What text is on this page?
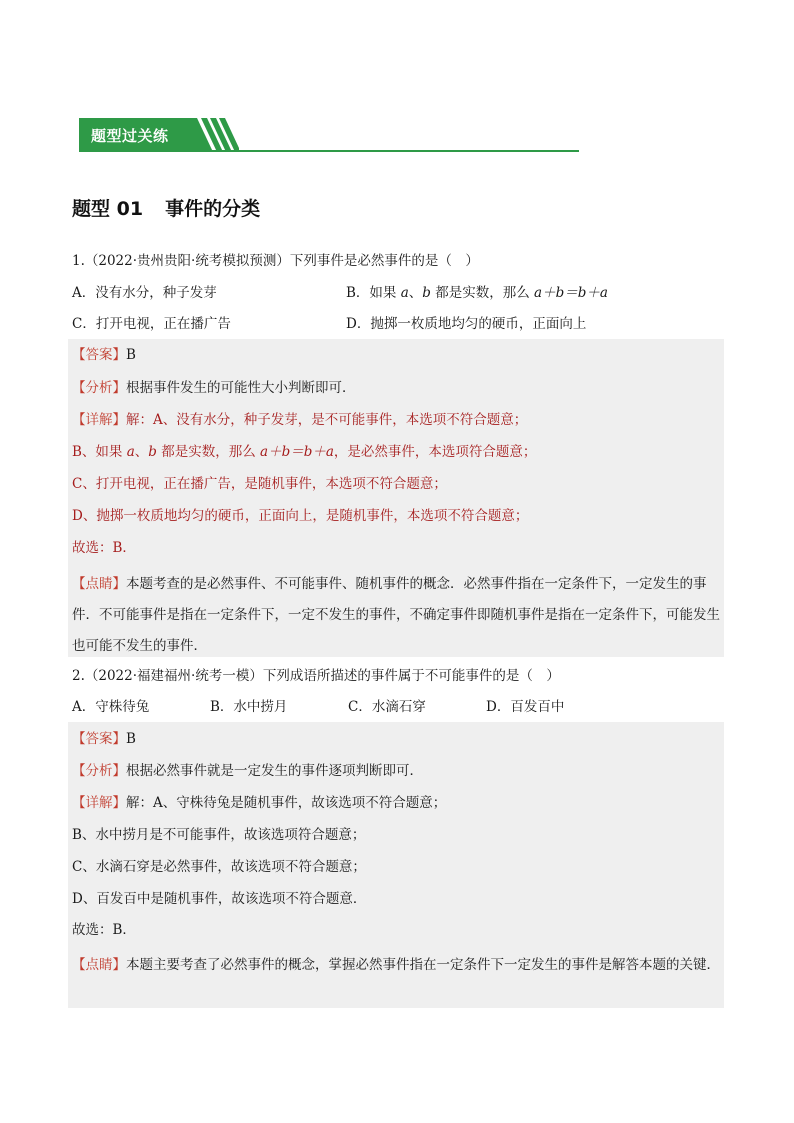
题型过关练
题型 01 事件的分类
1.（2022·贵州贵阳·统考模拟预测）下列事件是必然事件的是（　）
A．没有水分，种子发芽	B．如果 a、b 都是实数，那么 a＋b＝b＋a
C．打开电视，正在播广告	D．抛掷一枚质地均匀的硬币，正面向上
【答案】B
【分析】根据事件发生的可能性大小判断即可．
【详解】解：A、没有水分，种子发芽，是不可能事件，本选项不符合题意；
B、如果 a、b 都是实数，那么 a＋b＝b＋a，是必然事件，本选项符合题意；
C、打开电视，正在播广告，是随机事件，本选项不符合题意；
D、抛掷一枚质地均匀的硬币，正面向上，是随机事件，本选项不符合题意；
故选：B．
【点睛】本题考查的是必然事件、不可能事件、随机事件的概念．必然事件指在一定条件下，一定发生的事件．不可能事件是指在一定条件下，一定不发生的事件，不确定事件即随机事件是指在一定条件下，可能发生也可能不发生的事件．
2.（2022·福建福州·统考一模）下列成语所描述的事件属于不可能事件的是（　）
A．守株待兔	B．水中捞月	C．水滴石穿	D．百发百中
【答案】B
【分析】根据必然事件就是一定发生的事件逐项判断即可．
【详解】解：A、守株待兔是随机事件，故该选项不符合题意；
B、水中捞月是不可能事件，故该选项符合题意；
C、水滴石穿是必然事件，故该选项不符合题意；
D、百发百中是随机事件，故该选项不符合题意．
故选：B．
【点睛】本题主要考查了必然事件的概念，掌握必然事件指在一定条件下一定发生的事件是解答本题的关键．
